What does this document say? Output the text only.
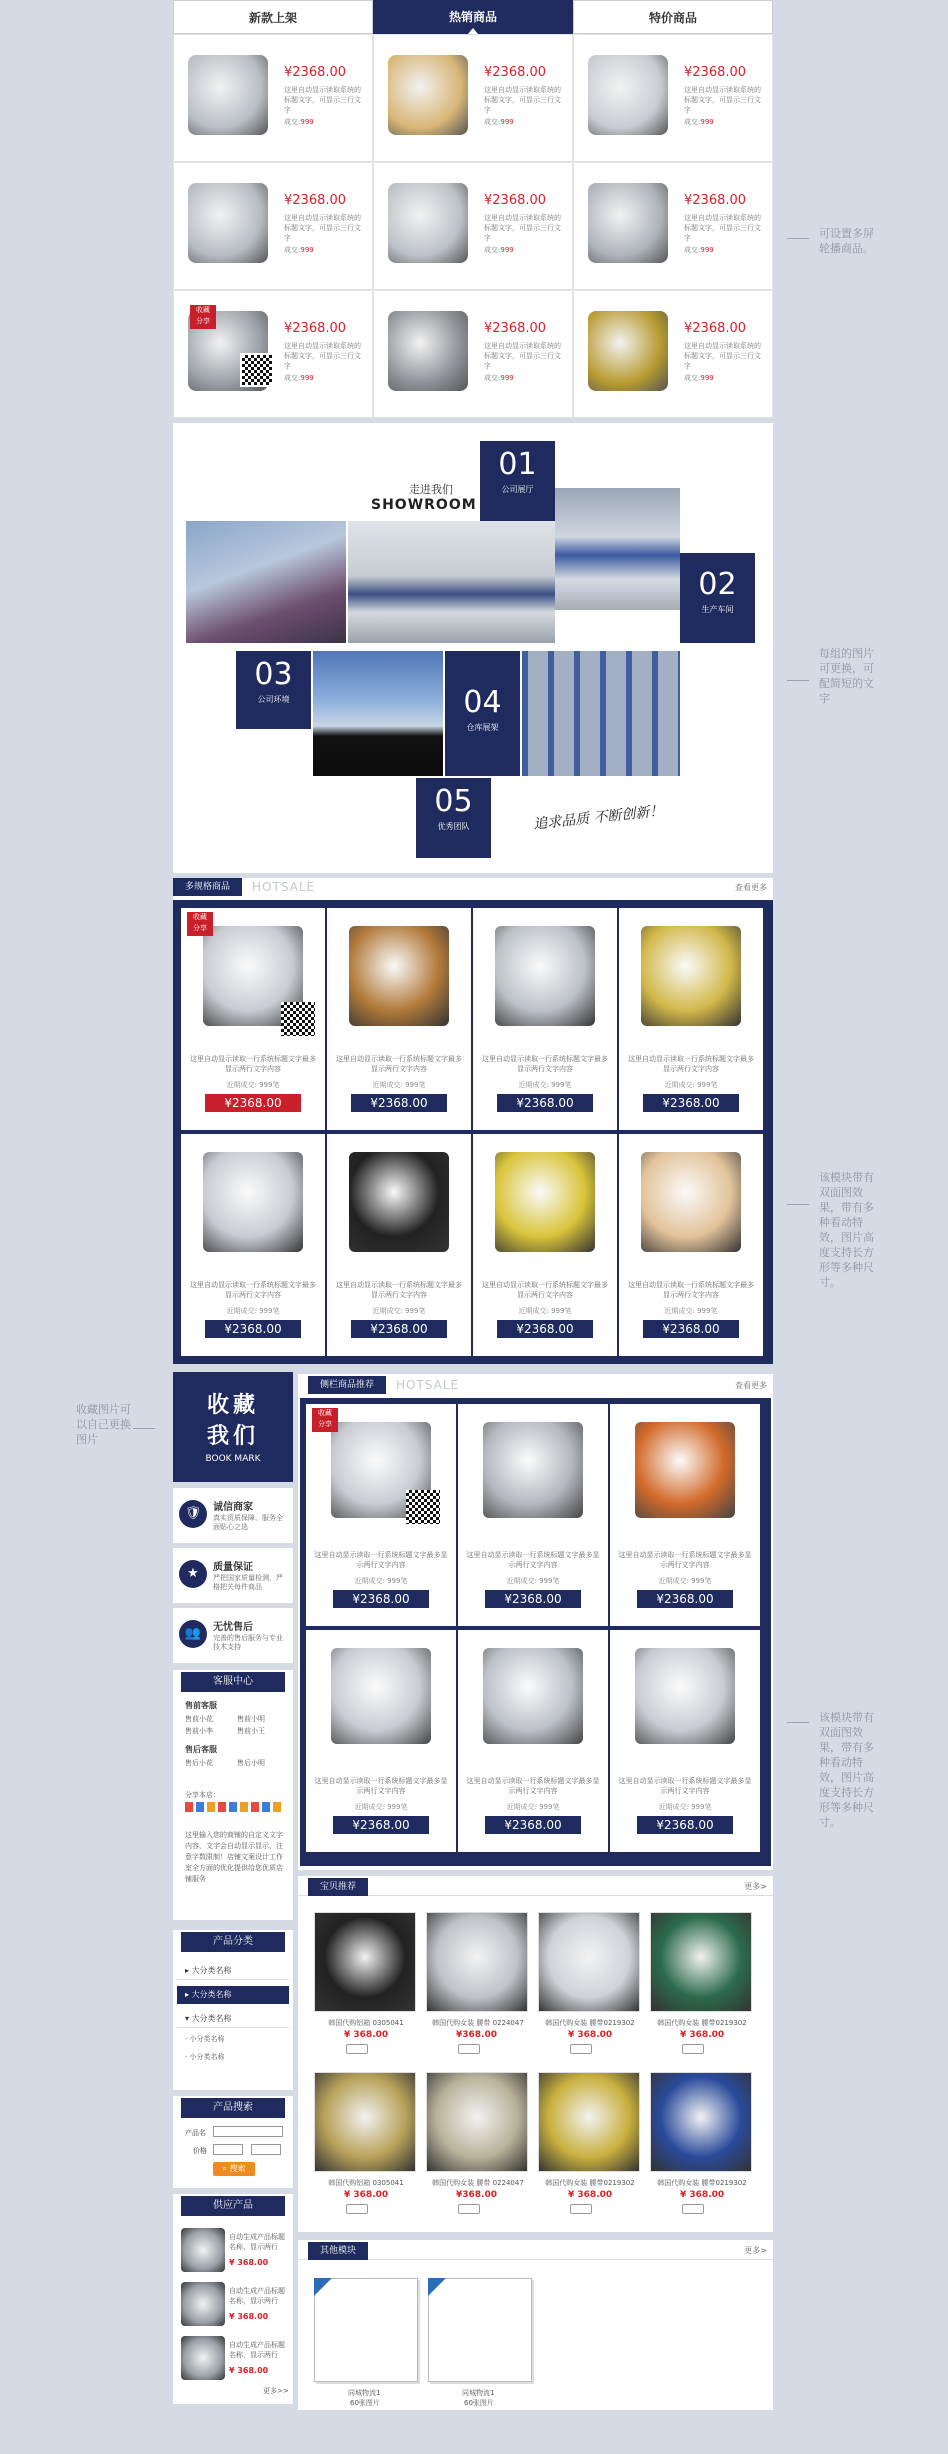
新款上架	热销商品	特价商品
¥2368.00
这里自动显示读取系统的标题文字，可显示三行文字
成交:999
¥2368.00
这里自动显示读取系统的标题文字，可显示三行文字
成交:999
¥2368.00
这里自动显示读取系统的标题文字，可显示三行文字
成交:999
¥2368.00
这里自动显示读取系统的标题文字，可显示三行文字
成交:999
¥2368.00
这里自动显示读取系统的标题文字，可显示三行文字
成交:999
¥2368.00
这里自动显示读取系统的标题文字，可显示三行文字
成交:999
¥2368.00
这里自动显示读取系统的标题文字，可显示三行文字
成交:999
收藏
分享	¥2368.00
这里自动显示读取系统的标题文字，可显示三行文字
成交:999
¥2368.00
这里自动显示读取系统的标题文字，可显示三行文字
成交:999
可设置多屏轮播商品。
走进我们
SHOWROOM
01
公司展厅
02
生产车间
03
公司环境	04
仓库展架
05
优秀团队	追求品质 不断创新！
每组的图片可更换，可配简短的文字
多规格商品	HOTSALE	查看更多
收藏
分享
这里自动显示读取一行系统标题文字最多显示两行文字内容
近期成交: 999笔
¥2368.00
这里自动显示读取一行系统标题文字最多显示两行文字内容
近期成交: 999笔
¥2368.00
这里自动显示读取一行系统标题文字最多显示两行文字内容
近期成交: 999笔
¥2368.00
这里自动显示读取一行系统标题文字最多显示两行文字内容
近期成交: 999笔
¥2368.00
这里自动显示读取一行系统标题文字最多显示两行文字内容
近期成交: 999笔
¥2368.00
这里自动显示读取一行系统标题文字最多显示两行文字内容
近期成交: 999笔
¥2368.00
这里自动显示读取一行系统标题文字最多显示两行文字内容
近期成交: 999笔
¥2368.00
这里自动显示读取一行系统标题文字最多显示两行文字内容
近期成交: 999笔
¥2368.00
该模块带有双面图效果，带有多种看动特效，图片高度支持长方形等多种尺寸。
收藏图片可以自己更换图片
收藏
我们
BOOK MARK
🛡	诚信商家
真实资质保障，服务全面贴心之选
★	质量保证
严把国家质量检测，严格把关每件商品
👥	无忧售后
完善的售后服务与专业技术支持
客服中心
售前客服
售前小花	售前小明
售前小李	售前小王
售后客服
售后小花	售后小明
分享本店：
这里输入您的商铺的自定义文字内容，文字会自动显示显示，注意字数限制！店铺文案设计工作室全方面的优化提供给您优质店铺服务
产品分类
▸ 大分类名称
▸ 大分类名称
▾ 大分类名称
· 小分类名称
· 小分类名称
产品搜索
产品名
价格
⌕ 搜索
供应产品
更多>>
自动生成产品标题名称，显示两行
¥ 368.00
自动生成产品标题名称，显示两行
¥ 368.00
自动生成产品标题名称，显示两行
¥ 368.00
侧栏商品推荐	HOTSALE	查看更多
收藏
分享
这里自动显示读取一行系统标题文字最多显示两行文字内容
近期成交: 999笔
¥2368.00
这里自动显示读取一行系统标题文字最多显示两行文字内容
近期成交: 999笔
¥2368.00
这里自动显示读取一行系统标题文字最多显示两行文字内容
近期成交: 999笔
¥2368.00
这里自动显示读取一行系统标题文字最多显示两行文字内容
近期成交: 999笔
¥2368.00
这里自动显示读取一行系统标题文字最多显示两行文字内容
近期成交: 999笔
¥2368.00
这里自动显示读取一行系统标题文字最多显示两行文字内容
近期成交: 999笔
¥2368.00
该模块带有双面图效果，带有多种看动特效，图片高度支持长方形等多种尺寸。
宝贝推荐	更多>
韩国代购铝箱 0305041
¥ 368.00
韩国代购女装 腰带 0224047
¥368.00
韩国代购女装 腰带0219302
¥ 368.00
韩国代购女装 腰带0219302
¥ 368.00
韩国代购铝箱 0305041
¥ 368.00
韩国代购女装 腰带 0224047
¥368.00
韩国代购女装 腰带0219302
¥ 368.00
韩国代购女装 腰带0219302
¥ 368.00
其他模块	更多>
同城物流1
60张图片
同城物流1
60张图片
